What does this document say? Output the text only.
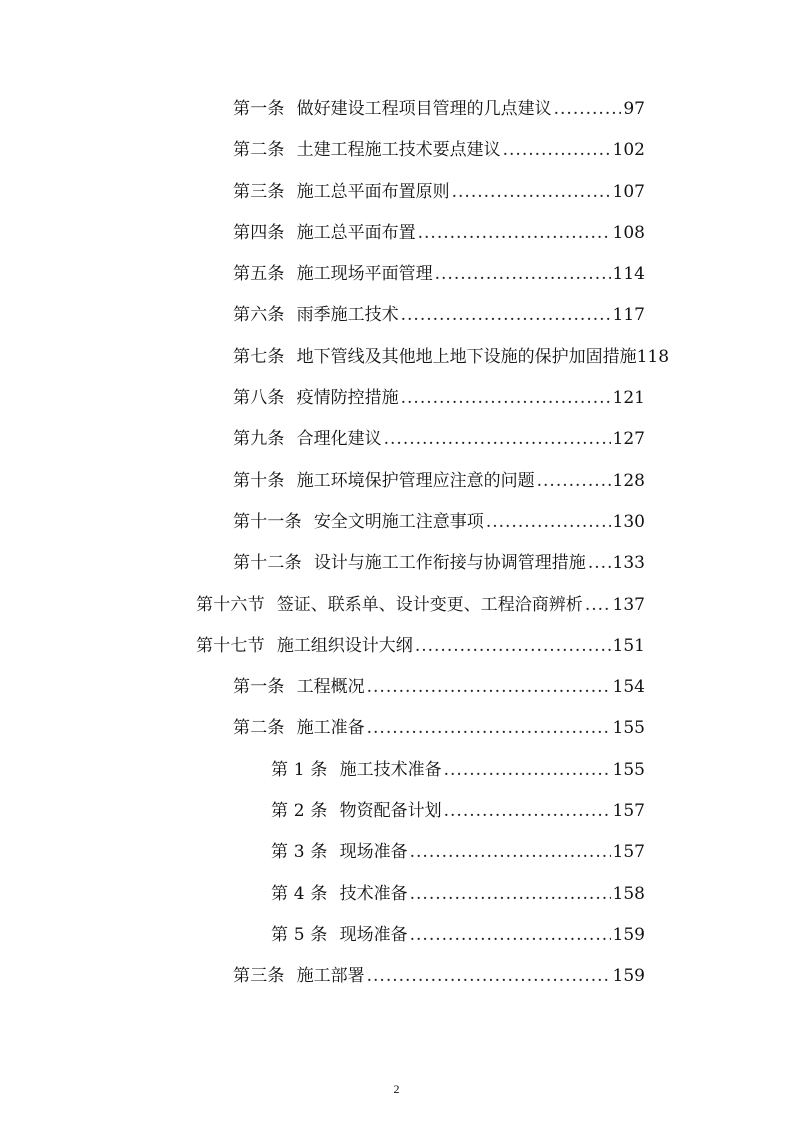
第一条 做好建设工程项目管理的几点建议 .....	97
第二条 土建工程施工技术要点建议 .....	102
第三条 施工总平面布置原则 .....	107
第四条 施工总平面布置 .....	108
第五条 施工现场平面管理 .....	114
第六条 雨季施工技术 .....	117
第七条 地下管线及其他地上地下设施的保护加固措施 118
第八条 疫情防控措施 .....	121
第九条 合理化建议 .....	127
第十条 施工环境保护管理应注意的问题 .....	128
第十一条 安全文明施工注意事项 .....	130
第十二条 设计与施工工作衔接与协调管理措施 ..... 133
第十六节 签证、联系单、设计变更、工程洽商辨析 ..... 137
第十七节 施工组织设计大纲 .....	151
第一条 工程概况 .....	154
第二条 施工准备 .....	155
第 1 条 施工技术准备 .....	155
第 2 条 物资配备计划 .....	157
第 3 条 现场准备 .....	157
第 4 条 技术准备 .....	158
第 5 条 现场准备 .....	159
第三条 施工部署 .....	159
2
